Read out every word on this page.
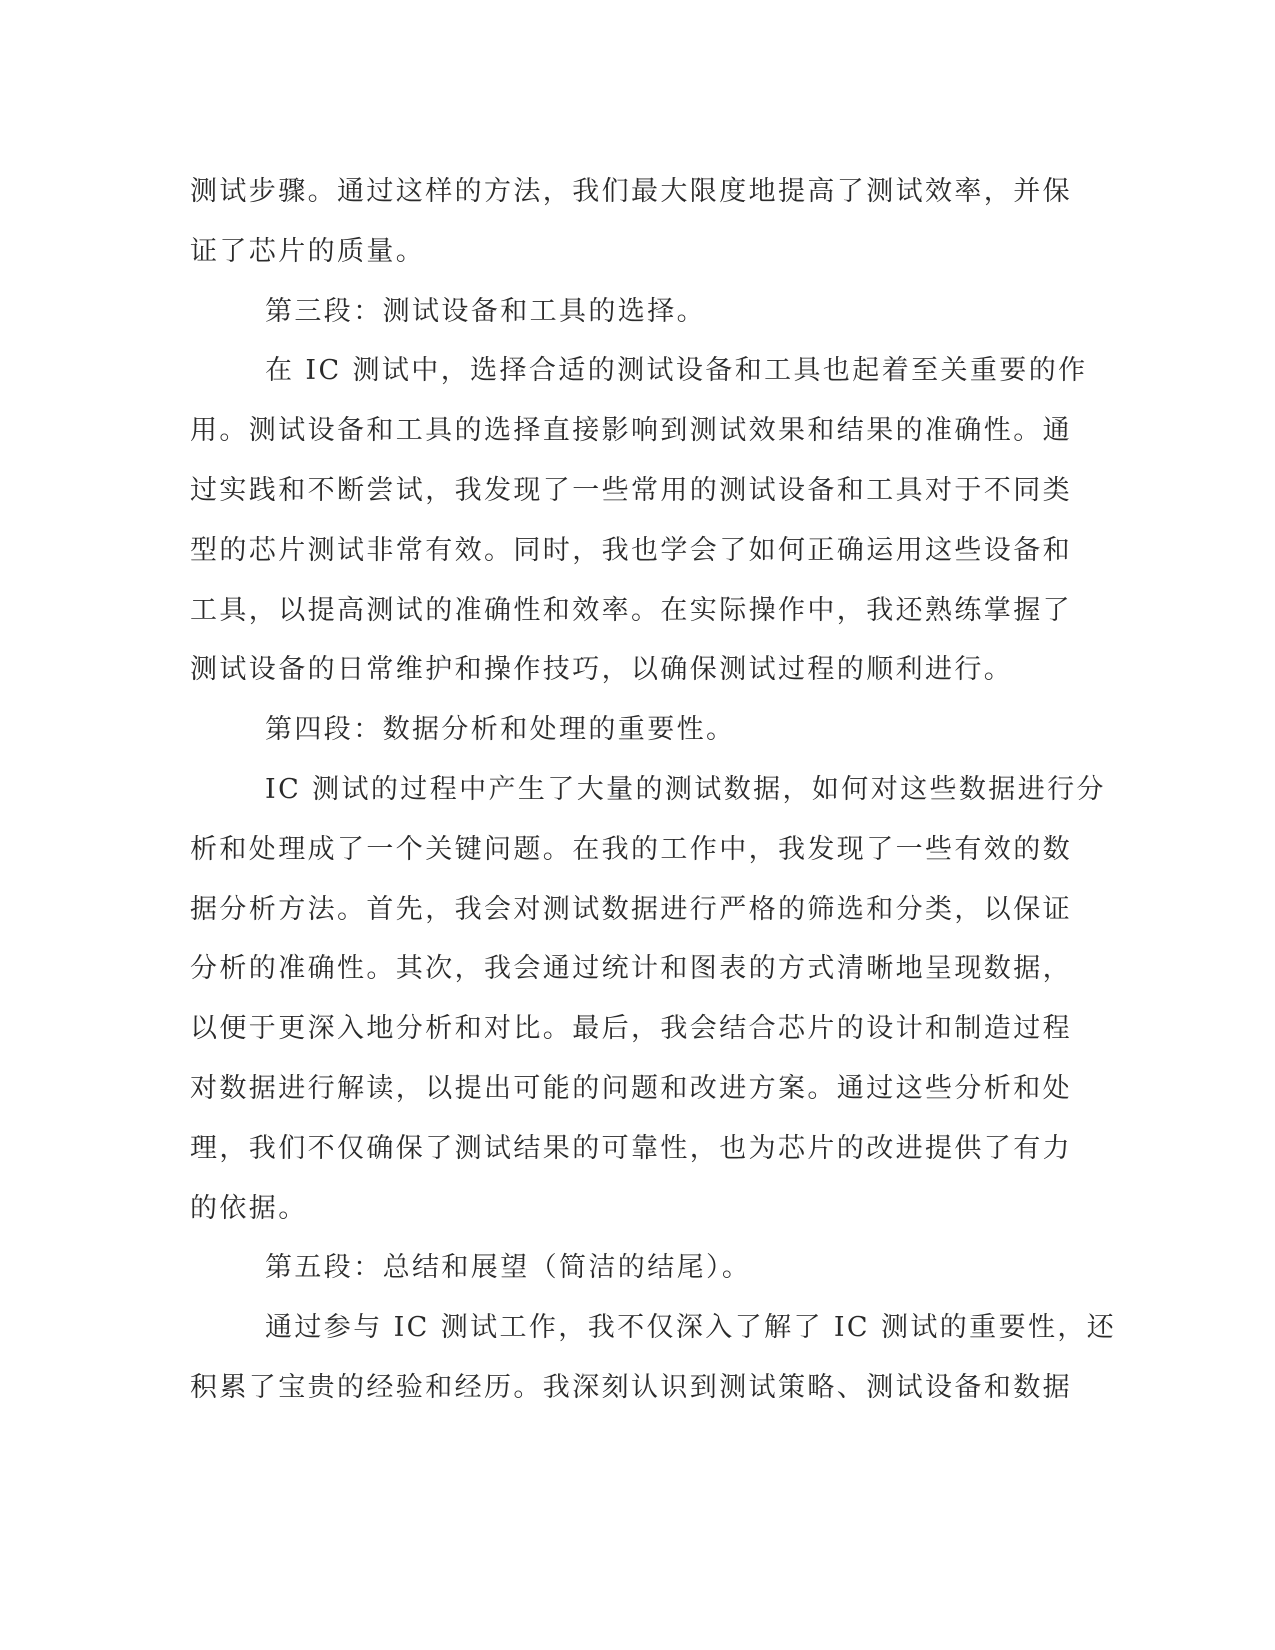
测试步骤。通过这样的方法，我们最大限度地提高了测试效率，并保
证了芯片的质量。
第三段：测试设备和工具的选择。
在 IC 测试中，选择合适的测试设备和工具也起着至关重要的作
用。测试设备和工具的选择直接影响到测试效果和结果的准确性。通
过实践和不断尝试，我发现了一些常用的测试设备和工具对于不同类
型的芯片测试非常有效。同时，我也学会了如何正确运用这些设备和
工具，以提高测试的准确性和效率。在实际操作中，我还熟练掌握了
测试设备的日常维护和操作技巧，以确保测试过程的顺利进行。
第四段：数据分析和处理的重要性。
IC 测试的过程中产生了大量的测试数据，如何对这些数据进行分
析和处理成了一个关键问题。在我的工作中，我发现了一些有效的数
据分析方法。首先，我会对测试数据进行严格的筛选和分类，以保证
分析的准确性。其次，我会通过统计和图表的方式清晰地呈现数据，
以便于更深入地分析和对比。最后，我会结合芯片的设计和制造过程
对数据进行解读，以提出可能的问题和改进方案。通过这些分析和处
理，我们不仅确保了测试结果的可靠性，也为芯片的改进提供了有力
的依据。
第五段：总结和展望（简洁的结尾）。
通过参与 IC 测试工作，我不仅深入了解了 IC 测试的重要性，还
积累了宝贵的经验和经历。我深刻认识到测试策略、测试设备和数据
